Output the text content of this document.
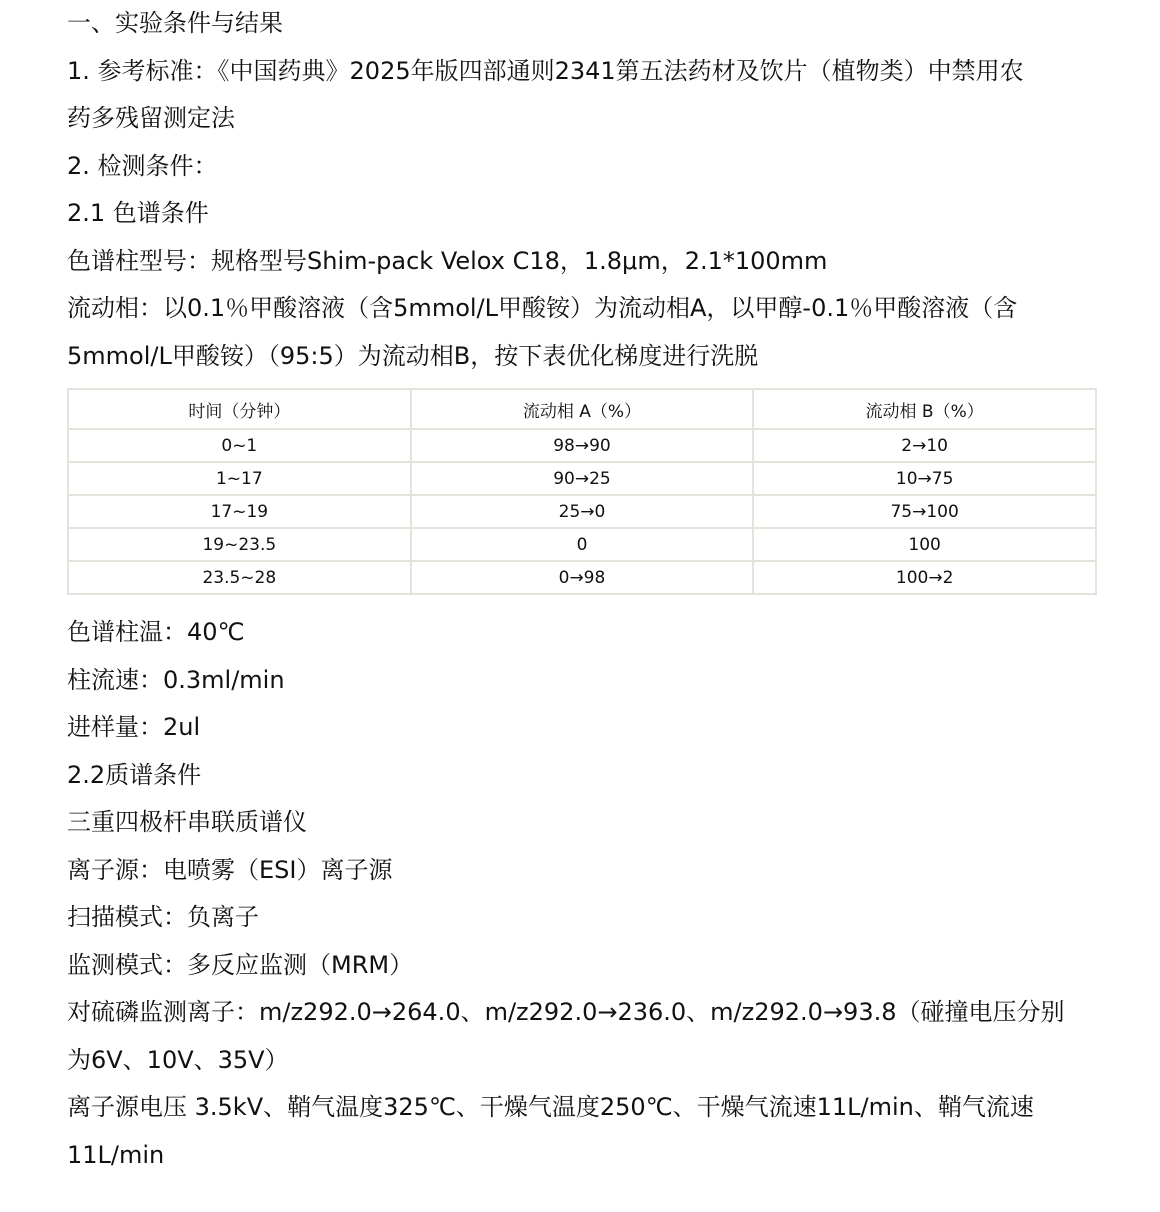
一、实验条件与结果

1. 参考标准：《中国药典》2025年版四部通则2341第五法药材及饮片（植物类）中禁用农

药多残留测定法

2. 检测条件：

2.1 色谱条件

色谱柱型号：规格型号Shim-pack Velox C18，1.8μm，2.1*100mm

流动相：以0.1％甲酸溶液（含5mmol/L甲酸铵）为流动相A，以甲醇-0.1％甲酸溶液（含

5mmol/L甲酸铵）（95:5）为流动相B，按下表优化梯度进行洗脱

时间（分钟）	流动相 A（%）	流动相 B（%）
0~1	98→90	2→10
1~17	90→25	10→75
17~19	25→0	75→100
19~23.5	0	100
23.5~28	0→98	100→2

色谱柱温：40℃

柱流速：0.3ml/min

进样量：2ul

2.2质谱条件

三重四极杆串联质谱仪

离子源：电喷雾（ESI）离子源

扫描模式：负离子

监测模式：多反应监测（MRM）

对硫磷监测离子：m/z292.0→264.0、m/z292.0→236.0、m/z292.0→93.8（碰撞电压分别

为6V、10V、35V）

离子源电压 3.5kV、鞘气温度325℃、干燥气温度250℃、干燥气流速11L/min、鞘气流速

11L/min
